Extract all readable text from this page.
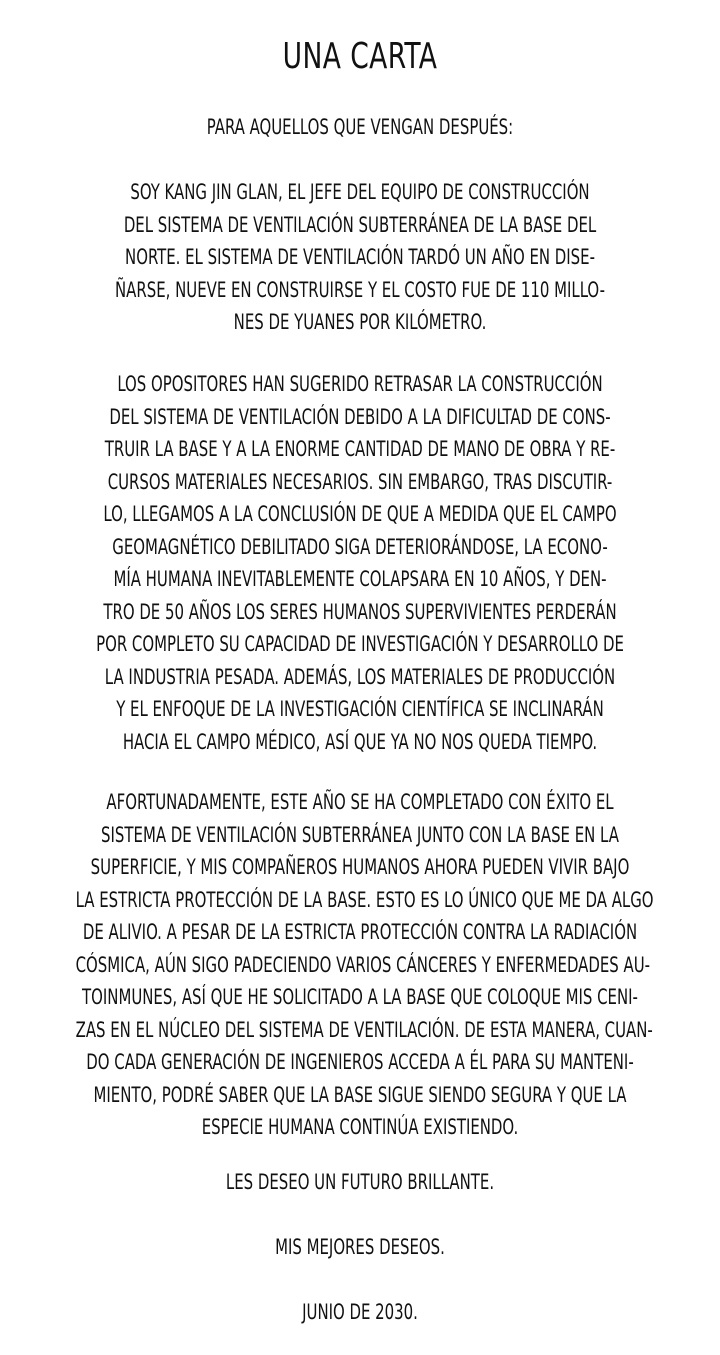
UNA CARTA
PARA AQUELLOS QUE VENGAN DESPUÉS:
SOY KANG JIN GLAN, EL JEFE DEL EQUIPO DE CONSTRUCCIÓN
DEL SISTEMA DE VENTILACIÓN SUBTERRÁNEA DE LA BASE DEL
NORTE. EL SISTEMA DE VENTILACIÓN TARDÓ UN AÑO EN DISE-
ÑARSE, NUEVE EN CONSTRUIRSE Y EL COSTO FUE DE 110 MILLO-
NES DE YUANES POR KILÓMETRO.
LOS OPOSITORES HAN SUGERIDO RETRASAR LA CONSTRUCCIÓN
DEL SISTEMA DE VENTILACIÓN DEBIDO A LA DIFICULTAD DE CONS-
TRUIR LA BASE Y A LA ENORME CANTIDAD DE MANO DE OBRA Y RE-
CURSOS MATERIALES NECESARIOS. SIN EMBARGO, TRAS DISCUTIR-
LO, LLEGAMOS A LA CONCLUSIÓN DE QUE A MEDIDA QUE EL CAMPO
GEOMAGNÉTICO DEBILITADO SIGA DETERIORÁNDOSE, LA ECONO-
MÍA HUMANA INEVITABLEMENTE COLAPSARA EN 10 AÑOS, Y DEN-
TRO DE 50 AÑOS LOS SERES HUMANOS SUPERVIVIENTES PERDERÁN
POR COMPLETO SU CAPACIDAD DE INVESTIGACIÓN Y DESARROLLO DE
LA INDUSTRIA PESADA. ADEMÁS, LOS MATERIALES DE PRODUCCIÓN
Y EL ENFOQUE DE LA INVESTIGACIÓN CIENTÍFICA SE INCLINARÁN
HACIA EL CAMPO MÉDICO, ASÍ QUE YA NO NOS QUEDA TIEMPO.
AFORTUNADAMENTE, ESTE AÑO SE HA COMPLETADO CON ÉXITO EL
SISTEMA DE VENTILACIÓN SUBTERRÁNEA JUNTO CON LA BASE EN LA
SUPERFICIE, Y MIS COMPAÑEROS HUMANOS AHORA PUEDEN VIVIR BAJO
LA ESTRICTA PROTECCIÓN DE LA BASE. ESTO ES LO ÚNICO QUE ME DA ALGO
DE ALIVIO. A PESAR DE LA ESTRICTA PROTECCIÓN CONTRA LA RADIACIÓN
CÓSMICA, AÚN SIGO PADECIENDO VARIOS CÁNCERES Y ENFERMEDADES AU-
TOINMUNES, ASÍ QUE HE SOLICITADO A LA BASE QUE COLOQUE MIS CENI-
ZAS EN EL NÚCLEO DEL SISTEMA DE VENTILACIÓN. DE ESTA MANERA, CUAN-
DO CADA GENERACIÓN DE INGENIEROS ACCEDA A ÉL PARA SU MANTENI-
MIENTO, PODRÉ SABER QUE LA BASE SIGUE SIENDO SEGURA Y QUE LA
ESPECIE HUMANA CONTINÚA EXISTIENDO.
LES DESEO UN FUTURO BRILLANTE.
MIS MEJORES DESEOS.
JUNIO DE 2030.
